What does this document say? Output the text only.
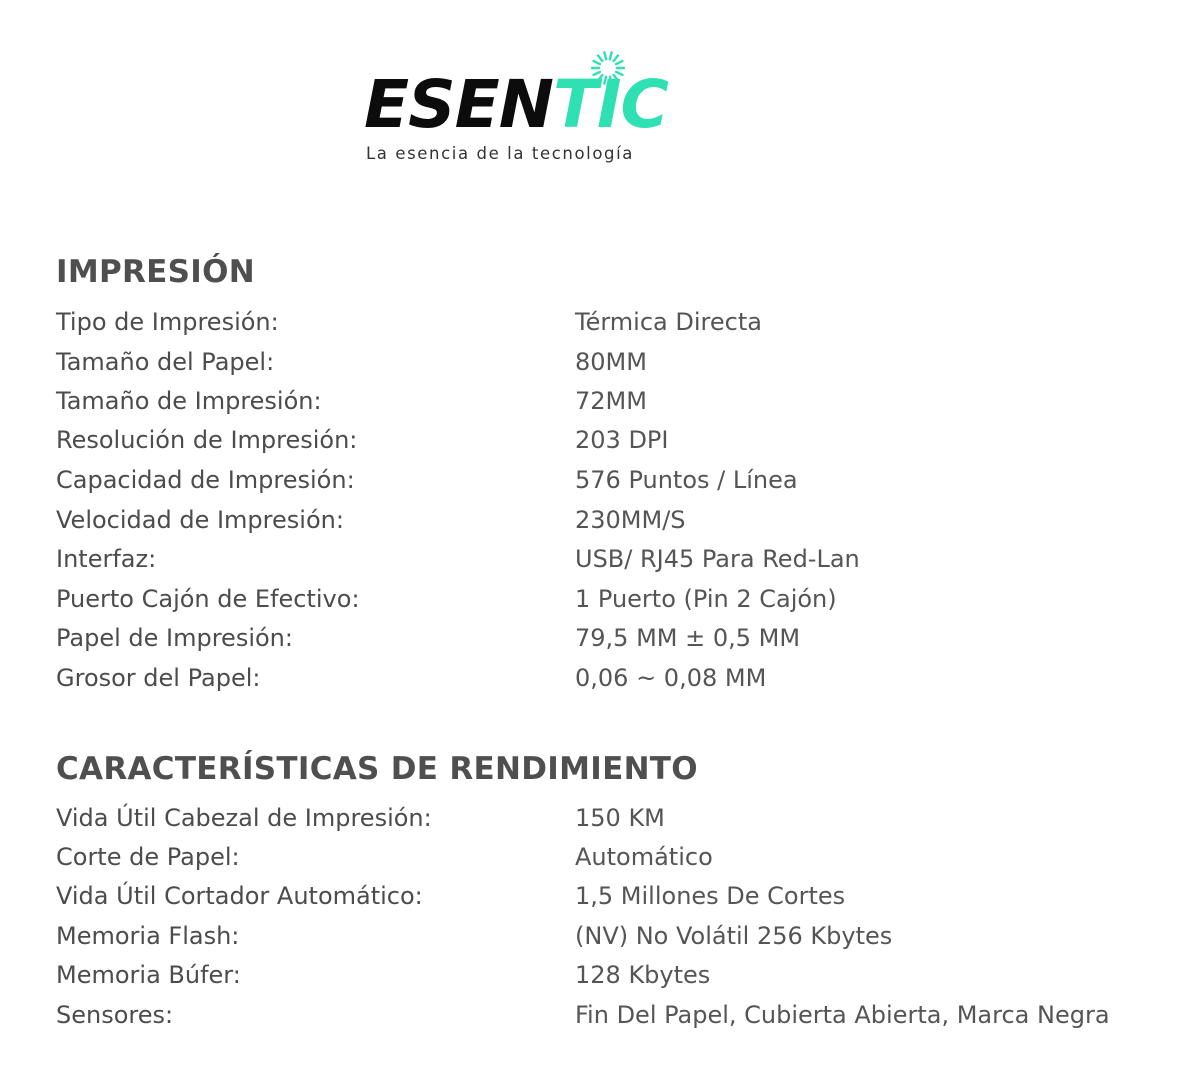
ESENTIC
La esencia de la tecnología
IMPRESIÓN
Tipo de Impresión:	Térmica Directa
Tamaño del Papel:	80MM
Tamaño de Impresión:	72MM
Resolución de Impresión:	203 DPI
Capacidad de Impresión:	576 Puntos / Línea
Velocidad de Impresión:	230MM/S
Interfaz:	USB/ RJ45 Para Red-Lan
Puerto Cajón de Efectivo:	1 Puerto (Pin 2 Cajón)
Papel de Impresión:	79,5 MM ± 0,5 MM
Grosor del Papel:	0,06 ~ 0,08 MM
CARACTERÍSTICAS DE RENDIMIENTO
Vida Útil Cabezal de Impresión:	150 KM
Corte de Papel:	Automático
Vida Útil Cortador Automático:	1,5 Millones De Cortes
Memoria Flash:	(NV) No Volátil 256 Kbytes
Memoria Búfer:	128 Kbytes
Sensores:	Fin Del Papel, Cubierta Abierta, Marca Negra
